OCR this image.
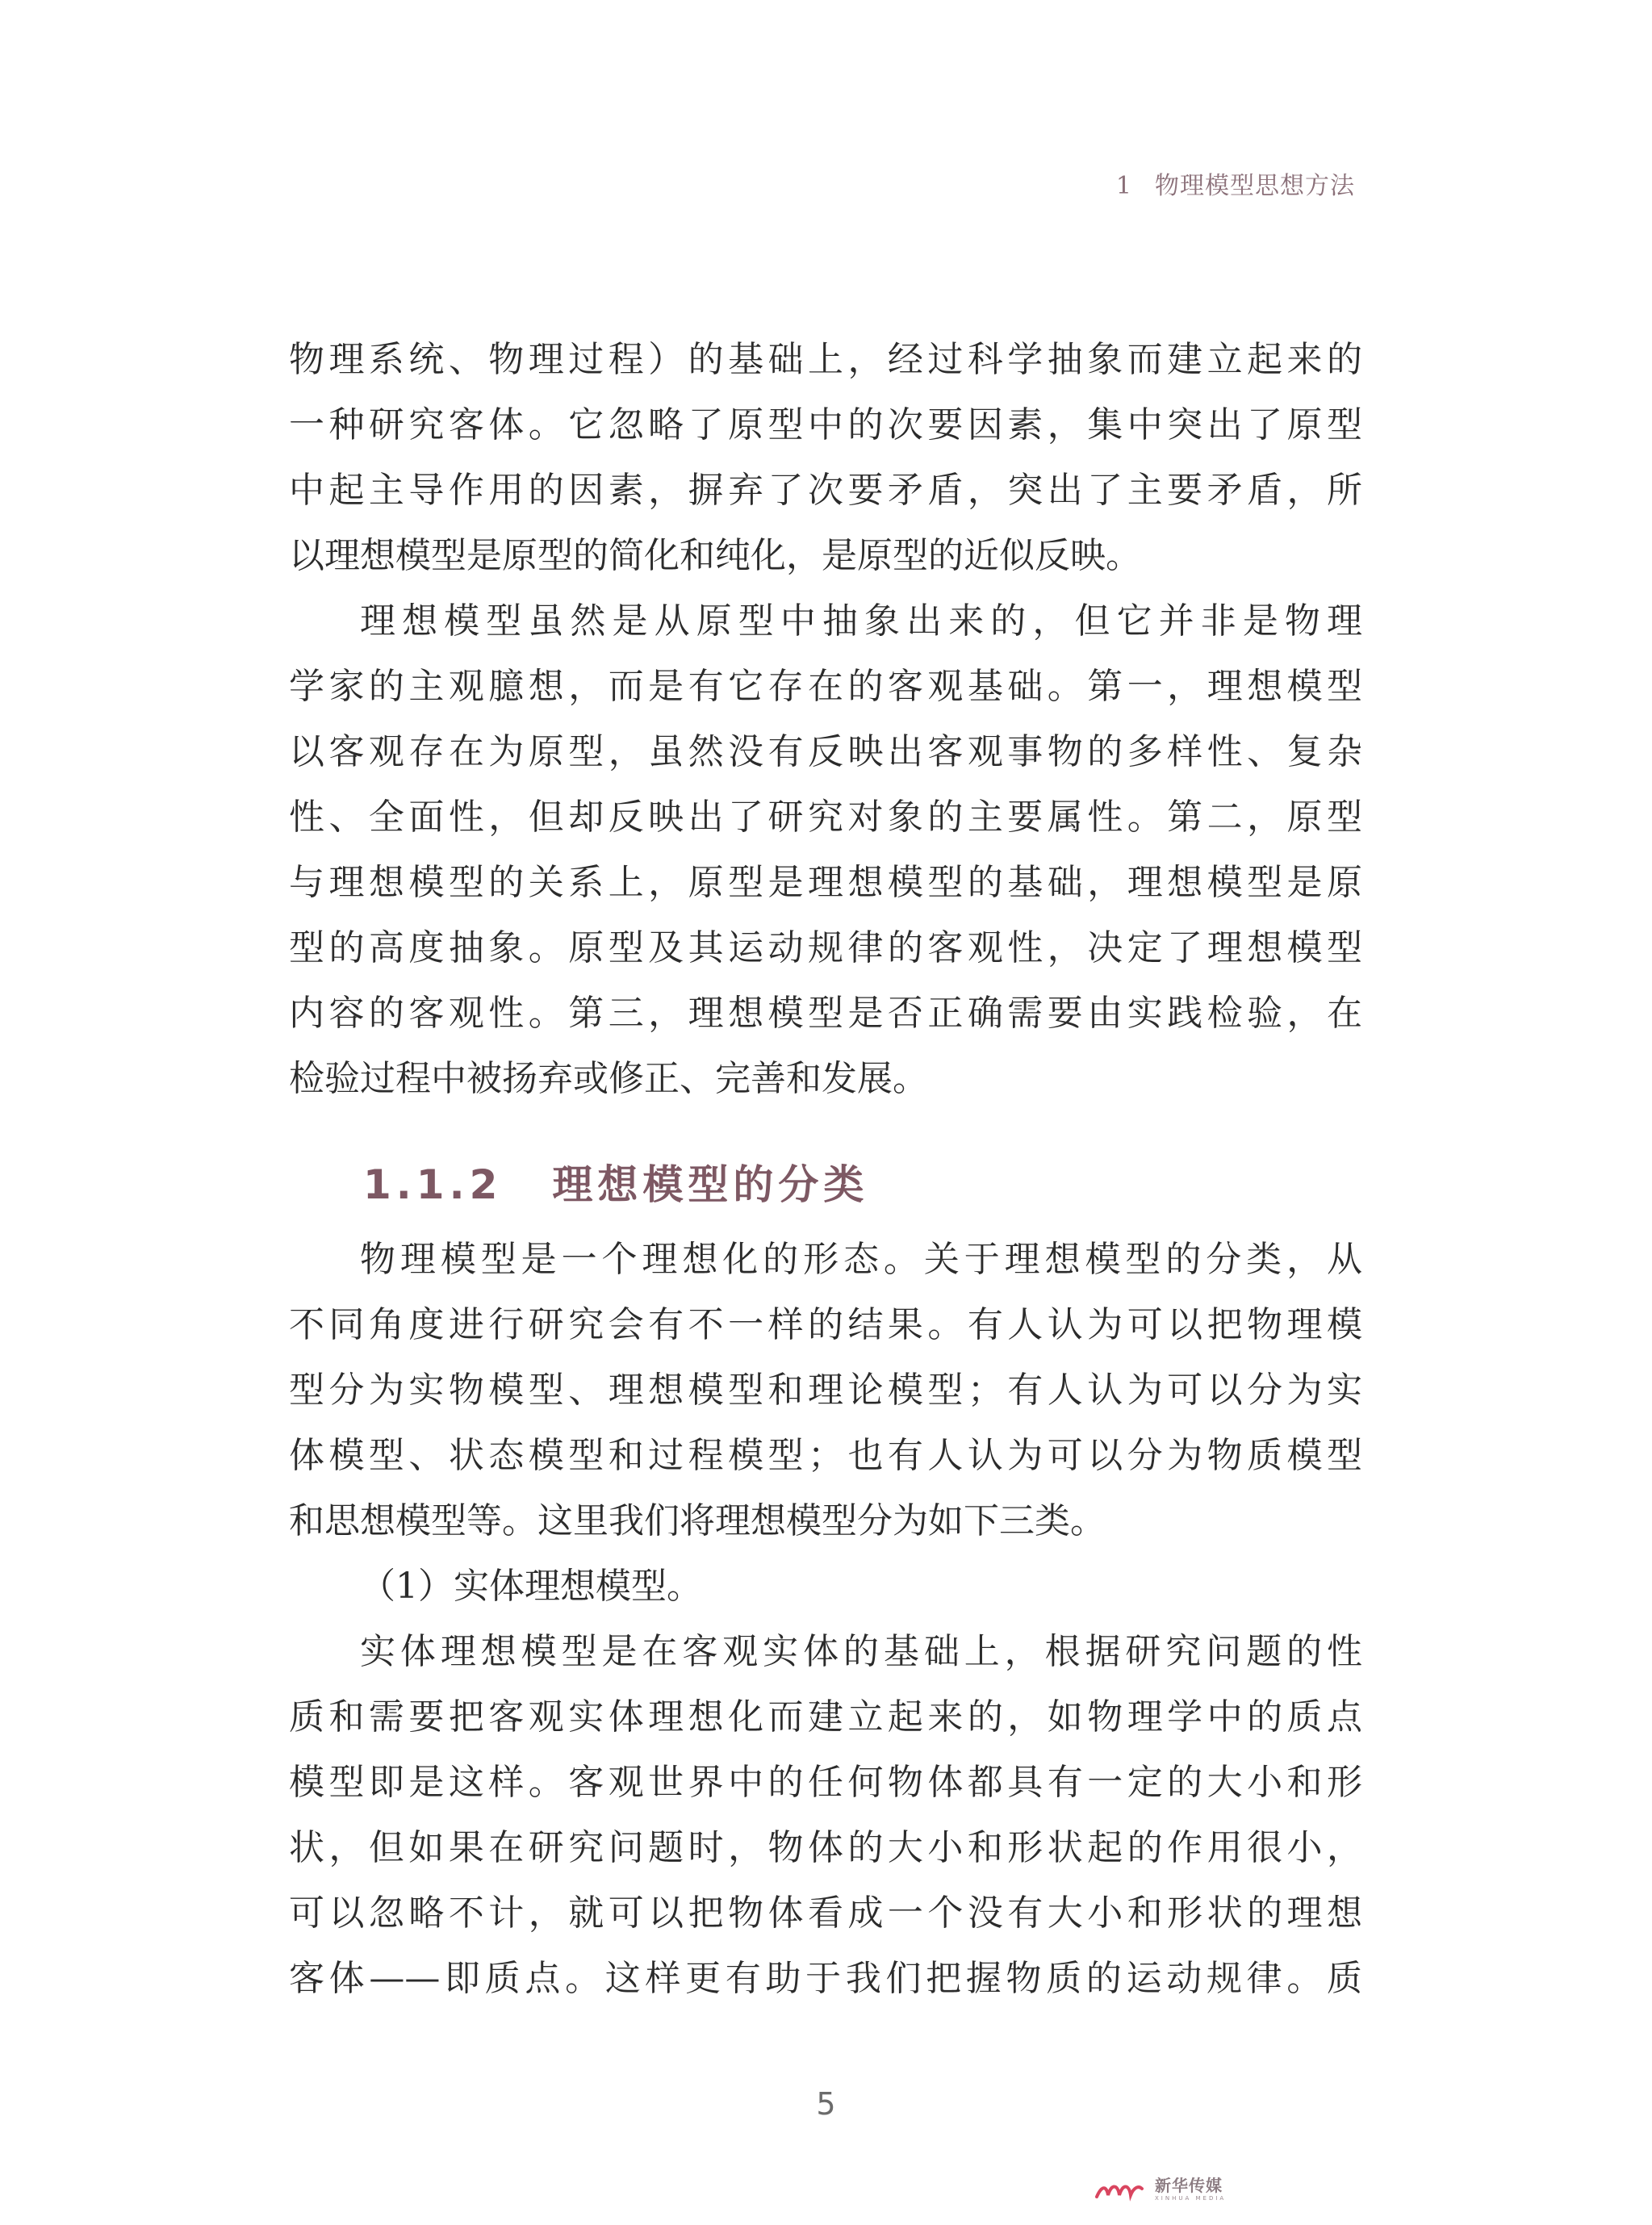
1 物理模型思想方法
物理系统、物理过程）的基础上，经过科学抽象而建立起来的
一种研究客体。它忽略了原型中的次要因素，集中突出了原型
中起主导作用的因素，摒弃了次要矛盾，突出了主要矛盾，所
以理想模型是原型的简化和纯化，是原型的近似反映。
理想模型虽然是从原型中抽象出来的，但它并非是物理
学家的主观臆想，而是有它存在的客观基础。第一，理想模型
以客观存在为原型，虽然没有反映出客观事物的多样性、复杂
性、全面性，但却反映出了研究对象的主要属性。第二，原型
与理想模型的关系上，原型是理想模型的基础，理想模型是原
型的高度抽象。原型及其运动规律的客观性，决定了理想模型
内容的客观性。第三，理想模型是否正确需要由实践检验，在
检验过程中被扬弃或修正、完善和发展。
1.1.2 理想模型的分类
物理模型是一个理想化的形态。关于理想模型的分类，从
不同角度进行研究会有不一样的结果。有人认为可以把物理模
型分为实物模型、理想模型和理论模型；有人认为可以分为实
体模型、状态模型和过程模型；也有人认为可以分为物质模型
和思想模型等。这里我们将理想模型分为如下三类。
（1）实体理想模型。
实体理想模型是在客观实体的基础上，根据研究问题的性
质和需要把客观实体理想化而建立起来的，如物理学中的质点
模型即是这样。客观世界中的任何物体都具有一定的大小和形
状，但如果在研究问题时，物体的大小和形状起的作用很小，
可以忽略不计，就可以把物体看成一个没有大小和形状的理想
客体——即质点。这样更有助于我们把握物质的运动规律。质
5
新华传媒
XINHUA MEDIA
